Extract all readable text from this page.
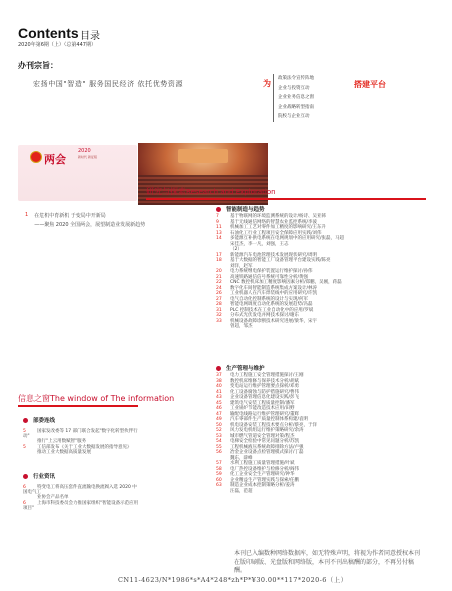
Contents 目录
2020年第6期（上）（总第447期）
办刊宗旨：
宏扬中国"智造" 服务国民经济 依托优势资源	为
政策法令宣传阵地
企业与投资互动
企业业务信息之窗
企业战略转型指南
院校与企业互动
搭建平台
两会
2020
新时代 新征程
1 在危机中育新机 于变局中开新局
——聚焦 2020 全国两会，展望制造业发展新趋势
研究与探索Research and Exploration
信息之窗The window of The information
部委连线
5 国家发改委等 17 部门联合发起"数字化转型伙伴行动"
推行"上云用数赋智"服务
5 工信部发布《关于工业大数据发展的指导意见》
推动工业大数据高质量发展
行业资讯
6 特变电工将高压套件直流输电换流阀入选 2020 中国电气工
业协会产品名单
6 上海市科技委员会力推国家组织"智能设备示范应用项目"
智能制造与趋势
7 基于物联网的环境监测系统的设计/杨诗、吴亚韩
9 基于无线通信网络的智慧农业监控系统/李波
11 机械加工工艺对零件加工精度的影响研究/王东升
13 石油化工行业工程项目安全保障应用实践/刘伟
14 多能源互补供电系统在电网规划中的应用研究/张磊，马超
宋佳杰，李一凡，刘强，王志
（2）
17 新能源汽车电池管理技术发展现状研究/周明
18 基于大数据的智能工厂设备管理平台建设实践/陈亮
刘洋，赵军
20 电力系统继电保护装置运行维护探讨/孙伟
21 高速铁路通信信号系统可靠性分析/黄强
22 CNC 数控机床加工精度影响因素分析/郑鹏，吴刚，蒋磊
24 数字化车间智能制造系统集成方案设计/林涛
26 工业机器人在汽车焊装线中的应用研究/许凯
27 电气自动化控制系统的设计与实现/何军
28 智能电网调度自动化系统的发展趋势/冯磊
31 PLC 控制技术在工业自动化中的应用/罗斌
32 分布式光伏发电并网技术探讨/谢东
33 机械设备故障诊断技术研究进展/梁华，宋宇
曾超，邹杰
生产管理与维护
37 电力工程施工安全管理措施探讨/王刚
38 数控机床维修与保养技术分析/胡斌
40 变电站运行维护管理要点探析/邓勇
41 化工设备腐蚀与防护措施研究/曹伟
43 企业设备管理信息化建设实践/彭飞
45 建筑电气安装工程质量控制/潘军
46 工业锅炉节能改造技术应用/田野
47 输配电线路运行维护管理研究/董辉
49 汽车零部件生产质量控制体系构建/袁明
50 机电设备安装工程技术要点分析/蔡亮，于洋
52 风力发电机组运行维护策略研究/余涛
53 城市燃气管道安全管理对策/程杰
54 电梯安全检验中常见问题分析/苏凯
55 工程机械液压系统故障排除方法/卢强
56 冶金企业设备点检管理模式探讨/丁磊
魏东，薛峰
57 水利工程施工质量管理措施/叶斌
58 电厂热控设备维护与检修分析/阎伟
59 化工企业安全生产管理研究/钟华
60 企业精益生产管理实践与探索/任鹏
63 制造企业成本控制策略分析/姜涛
汪磊，范超
本刊已入编数种网络数据库，如无特殊声明，将视为作者同意授权本刊在版印刷版、光盘版和网络版，本刊不刊出稿酬的部分，不再另付稿酬。
CN11-4623/N*1986*s*A4*248*zh*P*¥30.00**117*2020-6（上）
